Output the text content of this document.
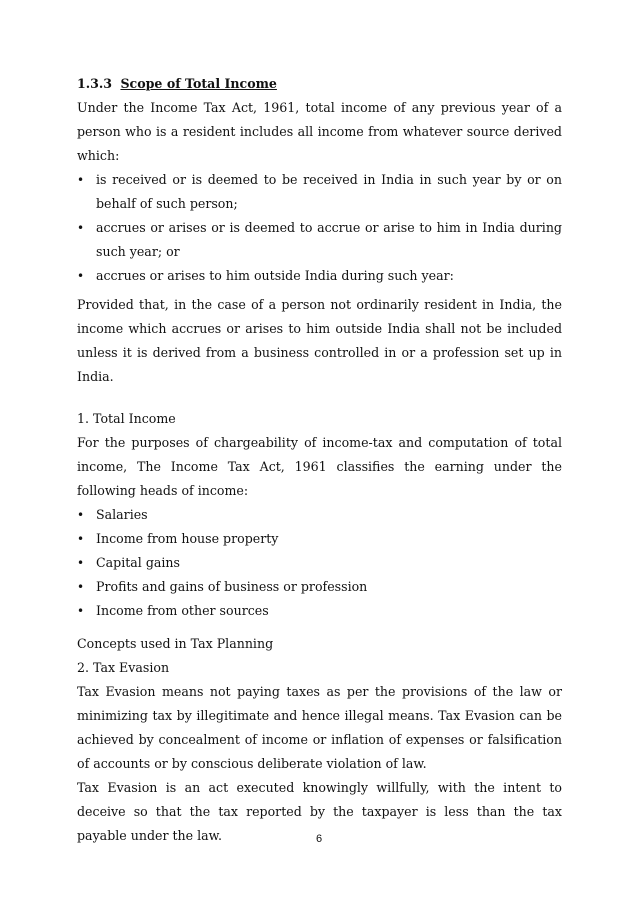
1.3.3 Scope of Total Income

Under the Income Tax Act, 1961, total income of any previous year of a person who is a resident includes all income from whatever source derived which:

• is received or is deemed to be received in India in such year by or on behalf of such person;
• accrues or arises or is deemed to accrue or arise to him in India during such year; or
• accrues or arises to him outside India during such year:

Provided that, in the case of a person not ordinarily resident in India, the income which accrues or arises to him outside India shall not be included unless it is derived from a business controlled in or a profession set up in India.

1. Total Income

For the purposes of chargeability of income-tax and computation of total income, The Income Tax Act, 1961 classifies the earning under the following heads of income:

• Salaries
• Income from house property
• Capital gains
• Profits and gains of business or profession
• Income from other sources

Concepts used in Tax Planning

2. Tax Evasion

Tax Evasion means not paying taxes as per the provisions of the law or minimizing tax by illegitimate and hence illegal means. Tax Evasion can be achieved by concealment of income or inflation of expenses or falsification of accounts or by conscious deliberate violation of law.

Tax Evasion is an act executed knowingly willfully, with the intent to deceive so that the tax reported by the taxpayer is less than the tax payable under the law.	6
